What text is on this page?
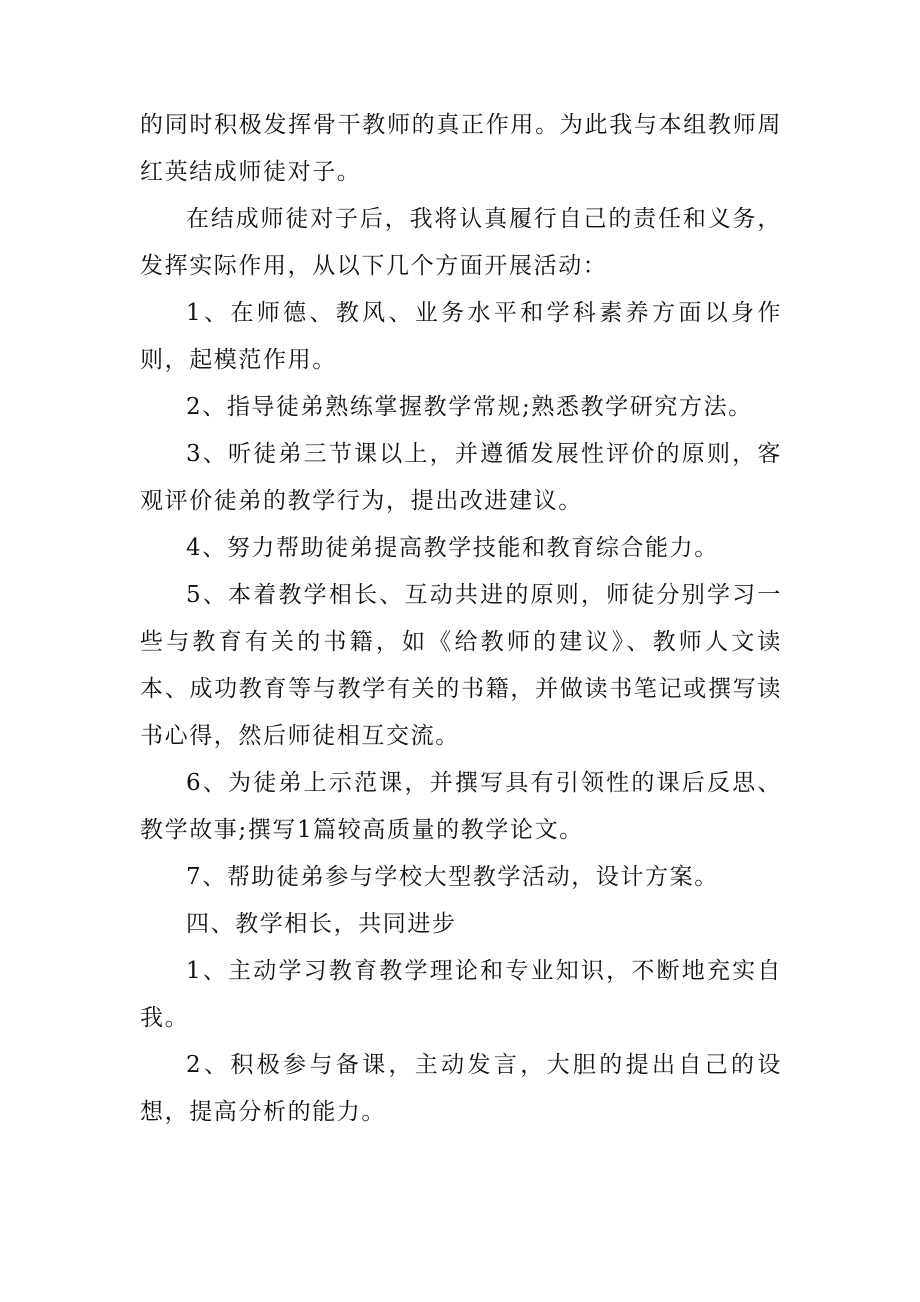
的同时积极发挥骨干教师的真正作用。为此我与本组教师周红英结成师徒对子。

在结成师徒对子后，我将认真履行自己的责任和义务，发挥实际作用，从以下几个方面开展活动：

1、在师德、教风、业务水平和学科素养方面以身作则，起模范作用。

2、指导徒弟熟练掌握教学常规;熟悉教学研究方法。

3、听徒弟三节课以上，并遵循发展性评价的原则，客观评价徒弟的教学行为，提出改进建议。

4、努力帮助徒弟提高教学技能和教育综合能力。

5、本着教学相长、互动共进的原则，师徒分别学习一些与教育有关的书籍，如《给教师的建议》、教师人文读本、成功教育等与教学有关的书籍，并做读书笔记或撰写读书心得，然后师徒相互交流。

6、为徒弟上示范课，并撰写具有引领性的课后反思、教学故事;撰写1篇较高质量的教学论文。

7、帮助徒弟参与学校大型教学活动，设计方案。

四、教学相长，共同进步

1、主动学习教育教学理论和专业知识，不断地充实自我。

2、积极参与备课，主动发言，大胆的提出自己的设想，提高分析的能力。
